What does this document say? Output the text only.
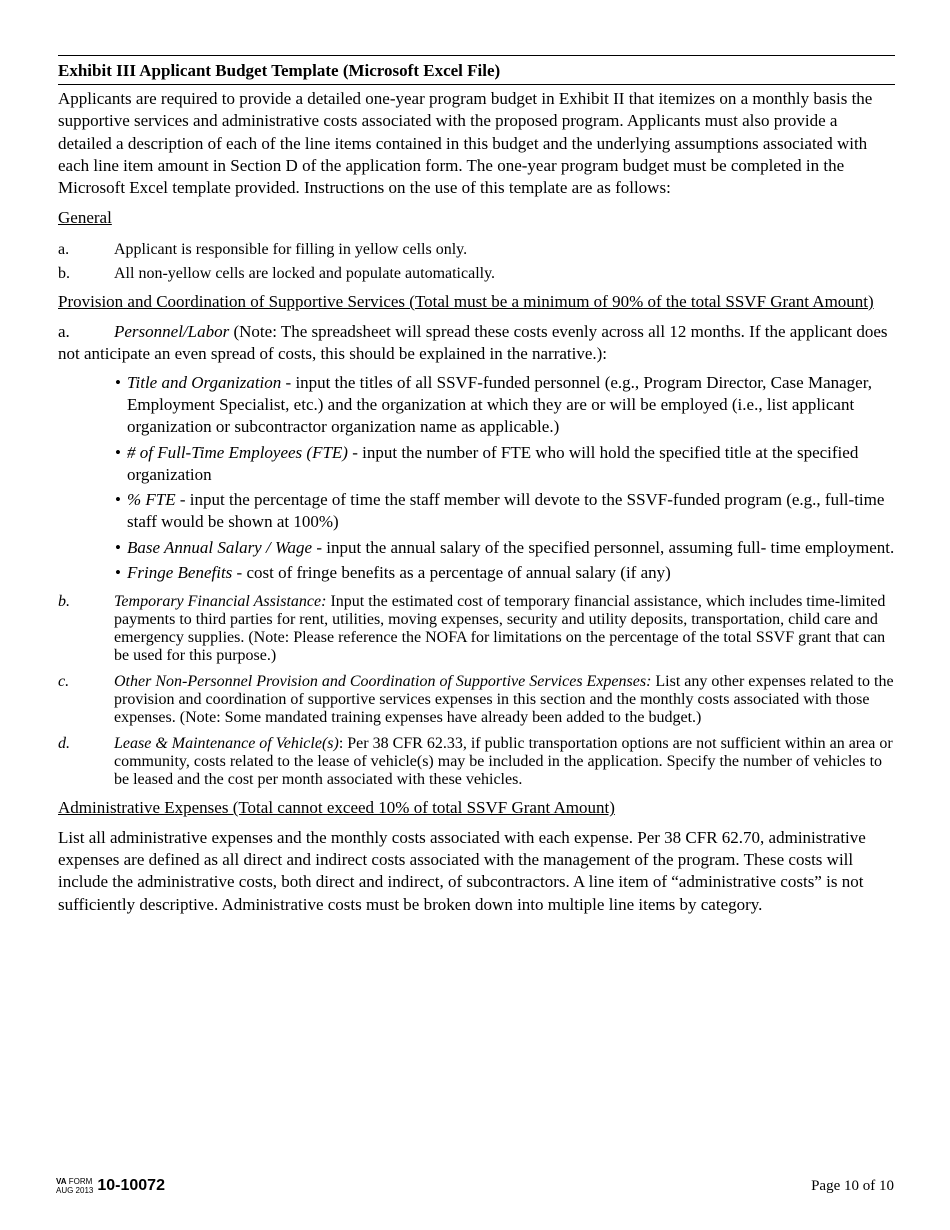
Exhibit III Applicant Budget Template (Microsoft Excel File)

Applicants are required to provide a detailed one-year program budget in Exhibit II that itemizes on a monthly basis the supportive services and administrative costs associated with the proposed program. Applicants must also provide a detailed a description of each of the line items contained in this budget and the underlying assumptions associated with each line item amount in Section D of the application form. The one-year program budget must be completed in the Microsoft Excel template provided. Instructions on the use of this template are as follows:

General

a.	Applicant is responsible for filling in yellow cells only.
b.	All non-yellow cells are locked and populate automatically.

Provision and Coordination of Supportive Services (Total must be a minimum of 90% of the total SSVF Grant Amount)

a.	Personnel/Labor (Note: The spreadsheet will spread these costs evenly across all 12 months. If the applicant does not anticipate an even spread of costs, this should be explained in the narrative.):

• Title and Organization - input the titles of all SSVF-funded personnel (e.g., Program Director, Case Manager, Employment Specialist, etc.) and the organization at which they are or will be employed (i.e., list applicant organization or subcontractor organization name as applicable.)
• # of Full-Time Employees (FTE) - input the number of FTE who will hold the specified title at the specified organization
• % FTE - input the percentage of time the staff member will devote to the SSVF-funded program (e.g., full-time staff would be shown at 100%)
• Base Annual Salary / Wage - input the annual salary of the specified personnel, assuming full- time employment.
• Fringe Benefits - cost of fringe benefits as a percentage of annual salary (if any)
b.	Temporary Financial Assistance: Input the estimated cost of temporary financial assistance, which includes time-limited payments to third parties for rent, utilities, moving expenses, security and utility deposits, transportation, child care and emergency supplies. (Note: Please reference the NOFA for limitations on the percentage of the total SSVF grant that can be used for this purpose.)
c.	Other Non-Personnel Provision and Coordination of Supportive Services Expenses: List any other expenses related to the provision and coordination of supportive services expenses in this section and the monthly costs associated with those expenses. (Note: Some mandated training expenses have already been added to the budget.)
d.	Lease & Maintenance of Vehicle(s): Per 38 CFR 62.33, if public transportation options are not sufficient within an area or community, costs related to the lease of vehicle(s) may be included in the application. Specify the number of vehicles to be leased and the cost per month associated with these vehicles.

Administrative Expenses (Total cannot exceed 10% of total SSVF Grant Amount)

List all administrative expenses and the monthly costs associated with each expense. Per 38 CFR 62.70, administrative expenses are defined as all direct and indirect costs associated with the management of the program. These costs will include the administrative costs, both direct and indirect, of subcontractors. A line item of “administrative costs” is not sufficiently descriptive. Administrative costs must be broken down into multiple line items by category.

VA FORM
AUG 2013 10-10072	Page 10 of 10
